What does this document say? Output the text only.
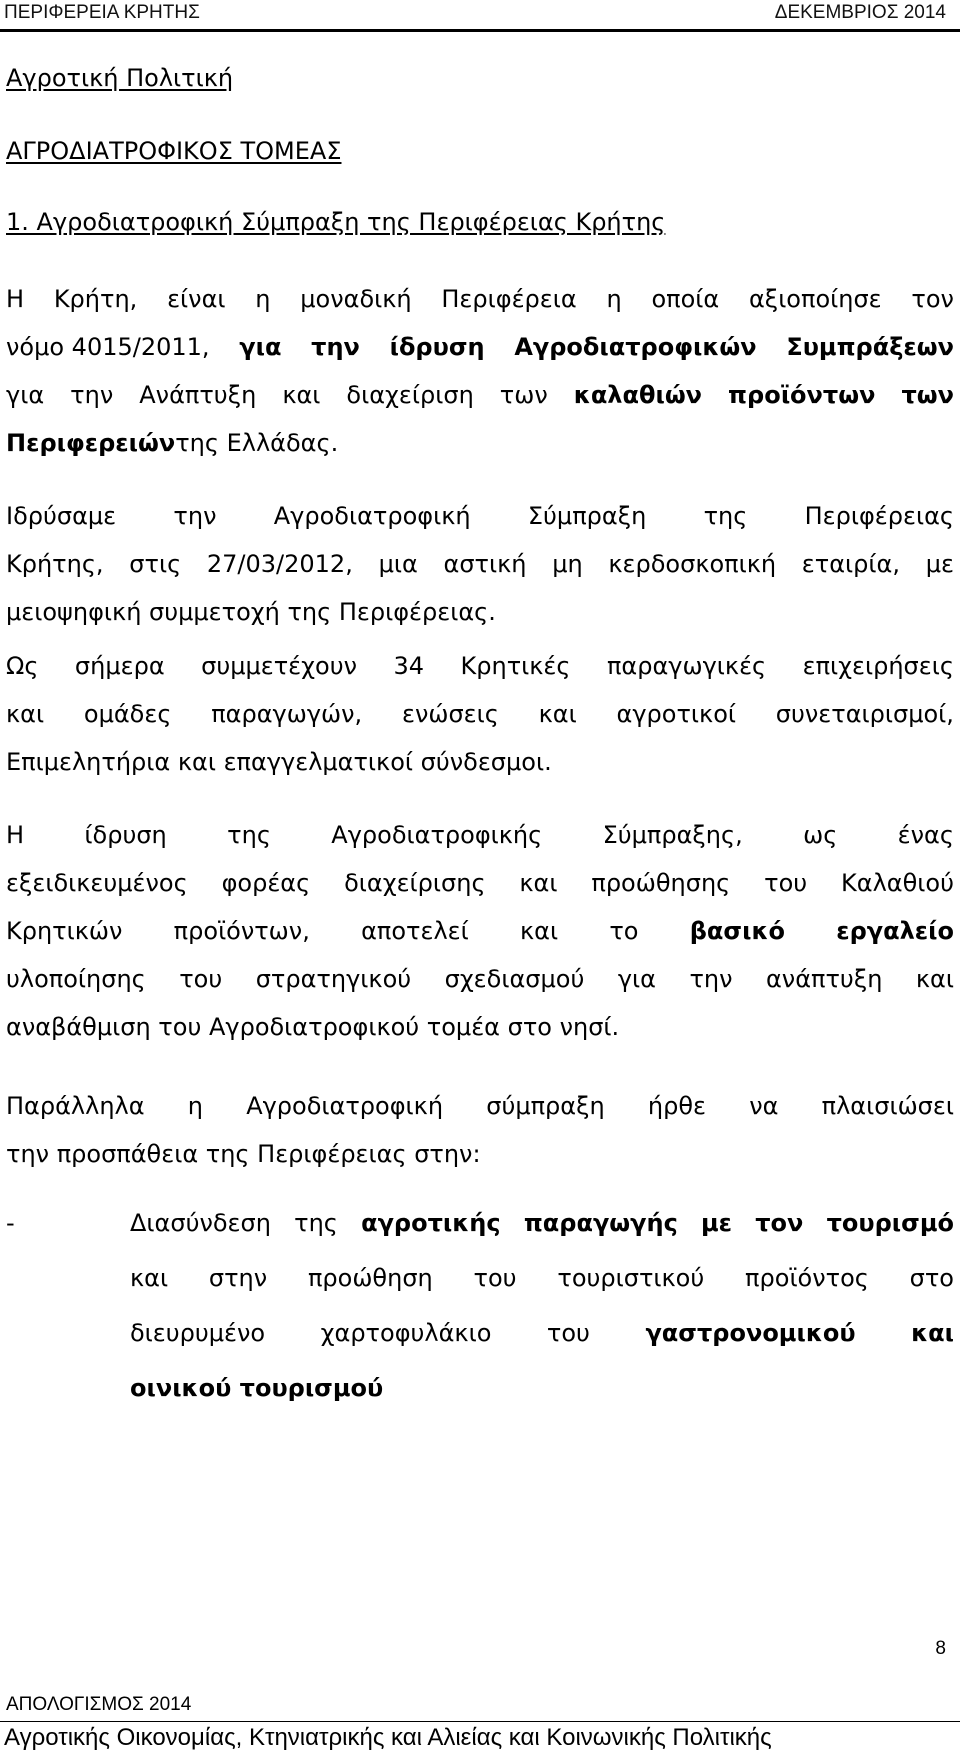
ΠΕΡΙΦΕΡΕΙΑ ΚΡΗΤΗΣ	ΔΕΚΕΜΒΡΙΟΣ 2014
Αγροτική Πολιτική
ΑΓΡΟΔΙΑΤΡΟΦΙΚΟΣ ΤΟΜΕΑΣ
1. Αγροδιατροφική Σύμπραξη της Περιφέρειας Κρήτης
Η Κρήτη, είναι η μοναδική Περιφέρεια η οποία αξιοποίησε τον
νόμο 4015/2011, για την ίδρυση Αγροδιατροφικών Συμπράξεων
για την Ανάπτυξη και διαχείριση των καλαθιών προϊόντων των
Περιφερειών της Ελλάδας.
Ιδρύσαμε την Αγροδιατροφική Σύμπραξη της Περιφέρειας
Κρήτης, στις 27/03/2012, μια αστική μη κερδοσκοπική εταιρία, με
μειοψηφική συμμετοχή της Περιφέρειας.
Ως σήμερα συμμετέχουν 34 Κρητικές παραγωγικές επιχειρήσεις
και ομάδες παραγωγών, ενώσεις και αγροτικοί συνεταιρισμοί,
Επιμελητήρια και επαγγελματικοί σύνδεσμοι.
Η	ίδρυση	της	Αγροδιατροφικής	Σύμπραξης,	ως	ένας
εξειδικευμένος φορέας διαχείρισης και προώθησης του Καλαθιού
Κρητικών προϊόντων, αποτελεί και το βασικό εργαλείο
υλοποίησης του στρατηγικού σχεδιασμού για την ανάπτυξη και
αναβάθμιση του Αγροδιατροφικού τομέα στο νησί.
Παράλληλα η Αγροδιατροφική σύμπραξη ήρθε να πλαισιώσει
την προσπάθεια της Περιφέρειας στην:
-	Διασύνδεση της αγροτικής παραγωγής με τον τουρισμό
και στην προώθηση του τουριστικού προϊόντος στο
διευρυμένο χαρτοφυλάκιο του γαστρονομικού και
οινικού τουρισμού
8
ΑΠΟΛΟΓΙΣΜΟΣ 2014
Αγροτικής Οικονομίας, Κτηνιατρικής και Αλιείας και Κοινωνικής Πολιτικής
